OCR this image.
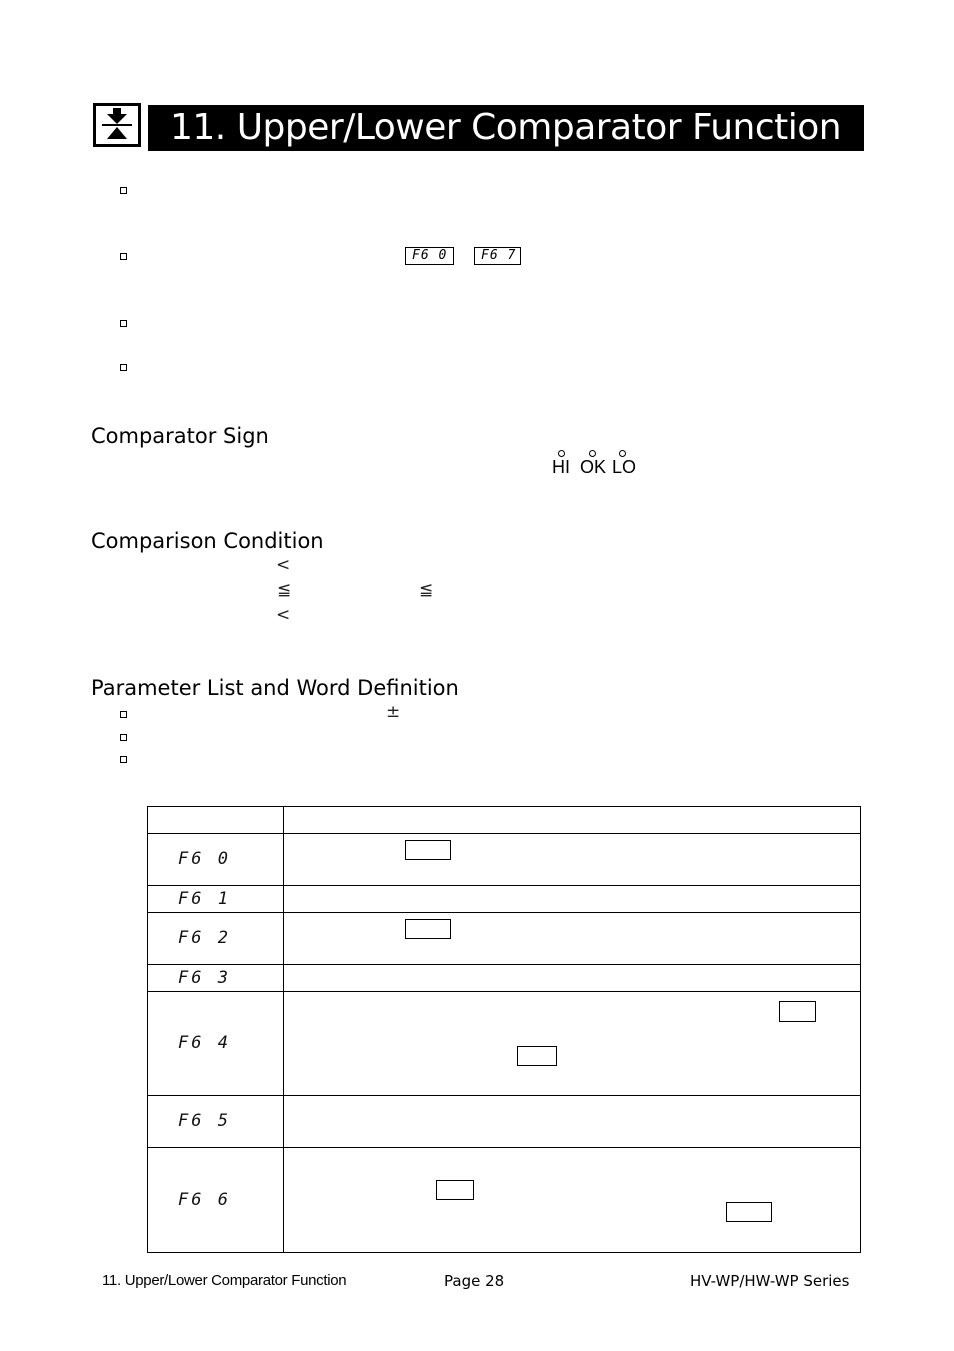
11. Upper/Lower Comparator Function
F6 0	F6 7
Comparator Sign
HI OK LO
Comparison Condition
<
≦	≦
<
Parameter List and Word Definition
±
F6 0
F6 1
F6 2
F6 3
F6 4
F6 5
F6 6
11. Upper/Lower Comparator Function	Page 28	HV-WP/HW-WP Series
